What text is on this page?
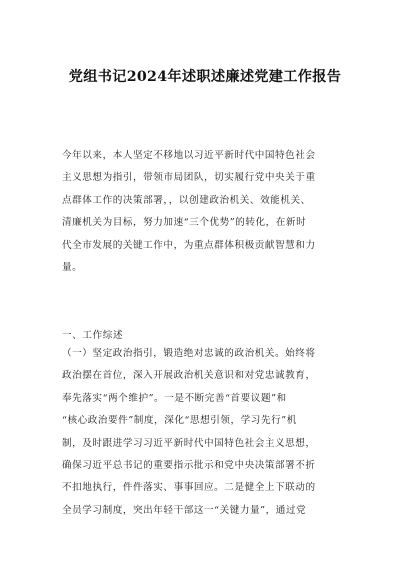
党组书记2024年述职述廉述党建工作报告

今年以来，本人坚定不移地以习近平新时代中国特色社会
主义思想为指引，带领市局团队，切实履行党中央关于重
点群体工作的决策部署，，以创建政治机关、效能机关、
清廉机关为目标，努力加速“三个优势”的转化，在新时
代全市发展的关键工作中，为重点群体积极贡献智慧和力
量。

一、工作综述

（一）坚定政治指引，锻造绝对忠诚的政治机关。始终将
政治摆在首位，深入开展政治机关意识和对党忠诚教育，
奉先落实“两个维护”。一是不断完善“首要议题”和
“核心政治要件”制度，深化“思想引领，学习先行”机
制，及时跟进学习习近平新时代中国特色社会主义思想，
确保习近平总书记的重要指示批示和党中央决策部署不折
不扣地执行，件件落实、事事回应。二是健全上下联动的
全员学习制度，突出年轻干部这一“关键力量”，通过党
